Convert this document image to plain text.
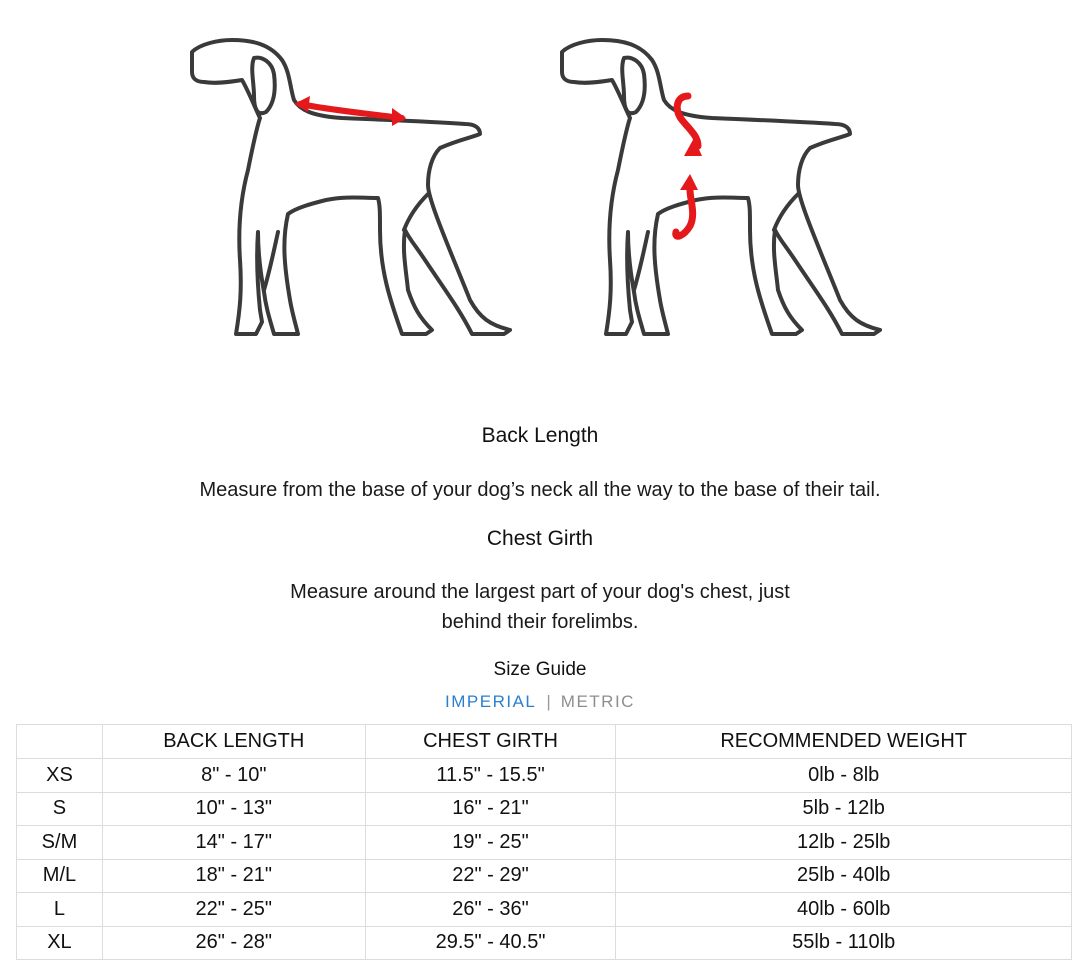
Back Length

Measure from the base of your dog’s neck all the way to the base of their tail.

Chest Girth

Measure around the largest part of your dog's chest, just behind their forelimbs.

Size Guide
IMPERIAL | METRIC
	BACK LENGTH	CHEST GIRTH	RECOMMENDED WEIGHT
XS	8" - 10"	11.5" - 15.5"	0lb - 8lb
S	10" - 13"	16" - 21"	5lb - 12lb
S/M	14" - 17"	19" - 25"	12lb - 25lb
M/L	18" - 21"	22" - 29"	25lb - 40lb
L	22" - 25"	26" - 36"	40lb - 60lb
XL	26" - 28"	29.5" - 40.5"	55lb - 110lb
